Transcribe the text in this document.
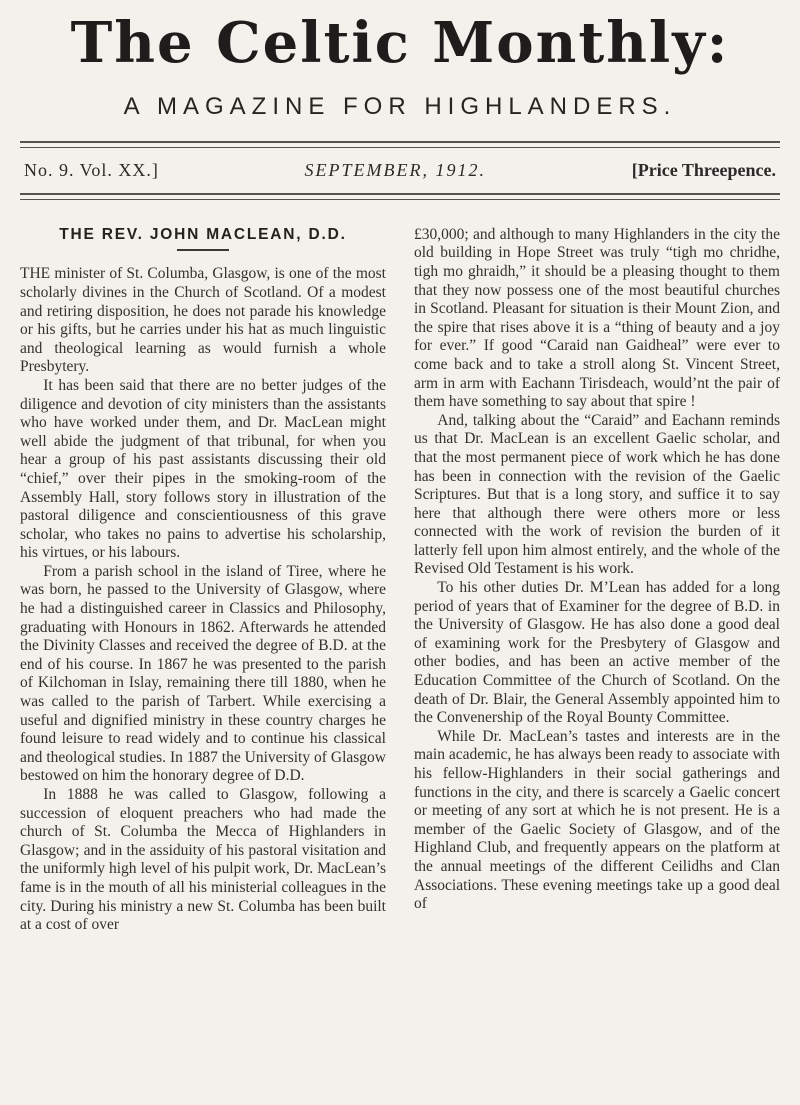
The Celtic Monthly:
A MAGAZINE FOR HIGHLANDERS.
No. 9. Vol. XX.]	SEPTEMBER, 1912.	[Price Threepence.
THE REV. JOHN MACLEAN, D.D.

THE minister of St. Columba, Glasgow, is one of the most scholarly divines in the Church of Scotland. Of a modest and retiring disposition, he does not parade his knowledge or his gifts, but he carries under his hat as much linguistic and theological learning as would furnish a whole Presbytery.

It has been said that there are no better judges of the diligence and devotion of city ministers than the assistants who have worked under them, and Dr. MacLean might well abide the judgment of that tribunal, for when you hear a group of his past assistants discussing their old “chief,” over their pipes in the smoking-room of the Assembly Hall, story follows story in illustration of the pastoral diligence and conscientiousness of this grave scholar, who takes no pains to advertise his scholarship, his virtues, or his labours.

From a parish school in the island of Tiree, where he was born, he passed to the University of Glasgow, where he had a distinguished career in Classics and Philosophy, graduating with Honours in 1862. Afterwards he attended the Divinity Classes and received the degree of B.D. at the end of his course. In 1867 he was presented to the parish of Kilchoman in Islay, remaining there till 1880, when he was called to the parish of Tarbert. While exercising a useful and dignified ministry in these country charges he found leisure to read widely and to continue his classical and theological studies. In 1887 the University of Glasgow bestowed on him the honorary degree of D.D.

In 1888 he was called to Glasgow, following a succession of eloquent preachers who had made the church of St. Columba the Mecca of Highlanders in Glasgow; and in the assiduity of his pastoral visitation and the uniformly high level of his pulpit work, Dr. MacLean’s fame is in the mouth of all his ministerial colleagues in the city. During his ministry a new St. Columba has been built at a cost of over

£30,000; and although to many Highlanders in the city the old building in Hope Street was truly “tigh mo chridhe, tigh mo ghraidh,” it should be a pleasing thought to them that they now possess one of the most beautiful churches in Scotland. Pleasant for situation is their Mount Zion, and the spire that rises above it is a “thing of beauty and a joy for ever.” If good “Caraid nan Gaidheal” were ever to come back and to take a stroll along St. Vincent Street, arm in arm with Eachann Tirisdeach, would’nt the pair of them have something to say about that spire !

And, talking about the “Caraid” and Eachann reminds us that Dr. MacLean is an excellent Gaelic scholar, and that the most permanent piece of work which he has done has been in connection with the revision of the Gaelic Scriptures. But that is a long story, and suffice it to say here that although there were others more or less connected with the work of revision the burden of it latterly fell upon him almost entirely, and the whole of the Revised Old Testament is his work.

To his other duties Dr. M’Lean has added for a long period of years that of Examiner for the degree of B.D. in the University of Glasgow. He has also done a good deal of examining work for the Presbytery of Glasgow and other bodies, and has been an active member of the Education Committee of the Church of Scotland. On the death of Dr. Blair, the General Assembly appointed him to the Convenership of the Royal Bounty Committee.

While Dr. MacLean’s tastes and interests are in the main academic, he has always been ready to associate with his fellow-Highlanders in their social gatherings and functions in the city, and there is scarcely a Gaelic concert or meeting of any sort at which he is not present. He is a member of the Gaelic Society of Glasgow, and of the Highland Club, and frequently appears on the platform at the annual meetings of the different Ceilidhs and Clan Associations. These evening meetings take up a good deal of
